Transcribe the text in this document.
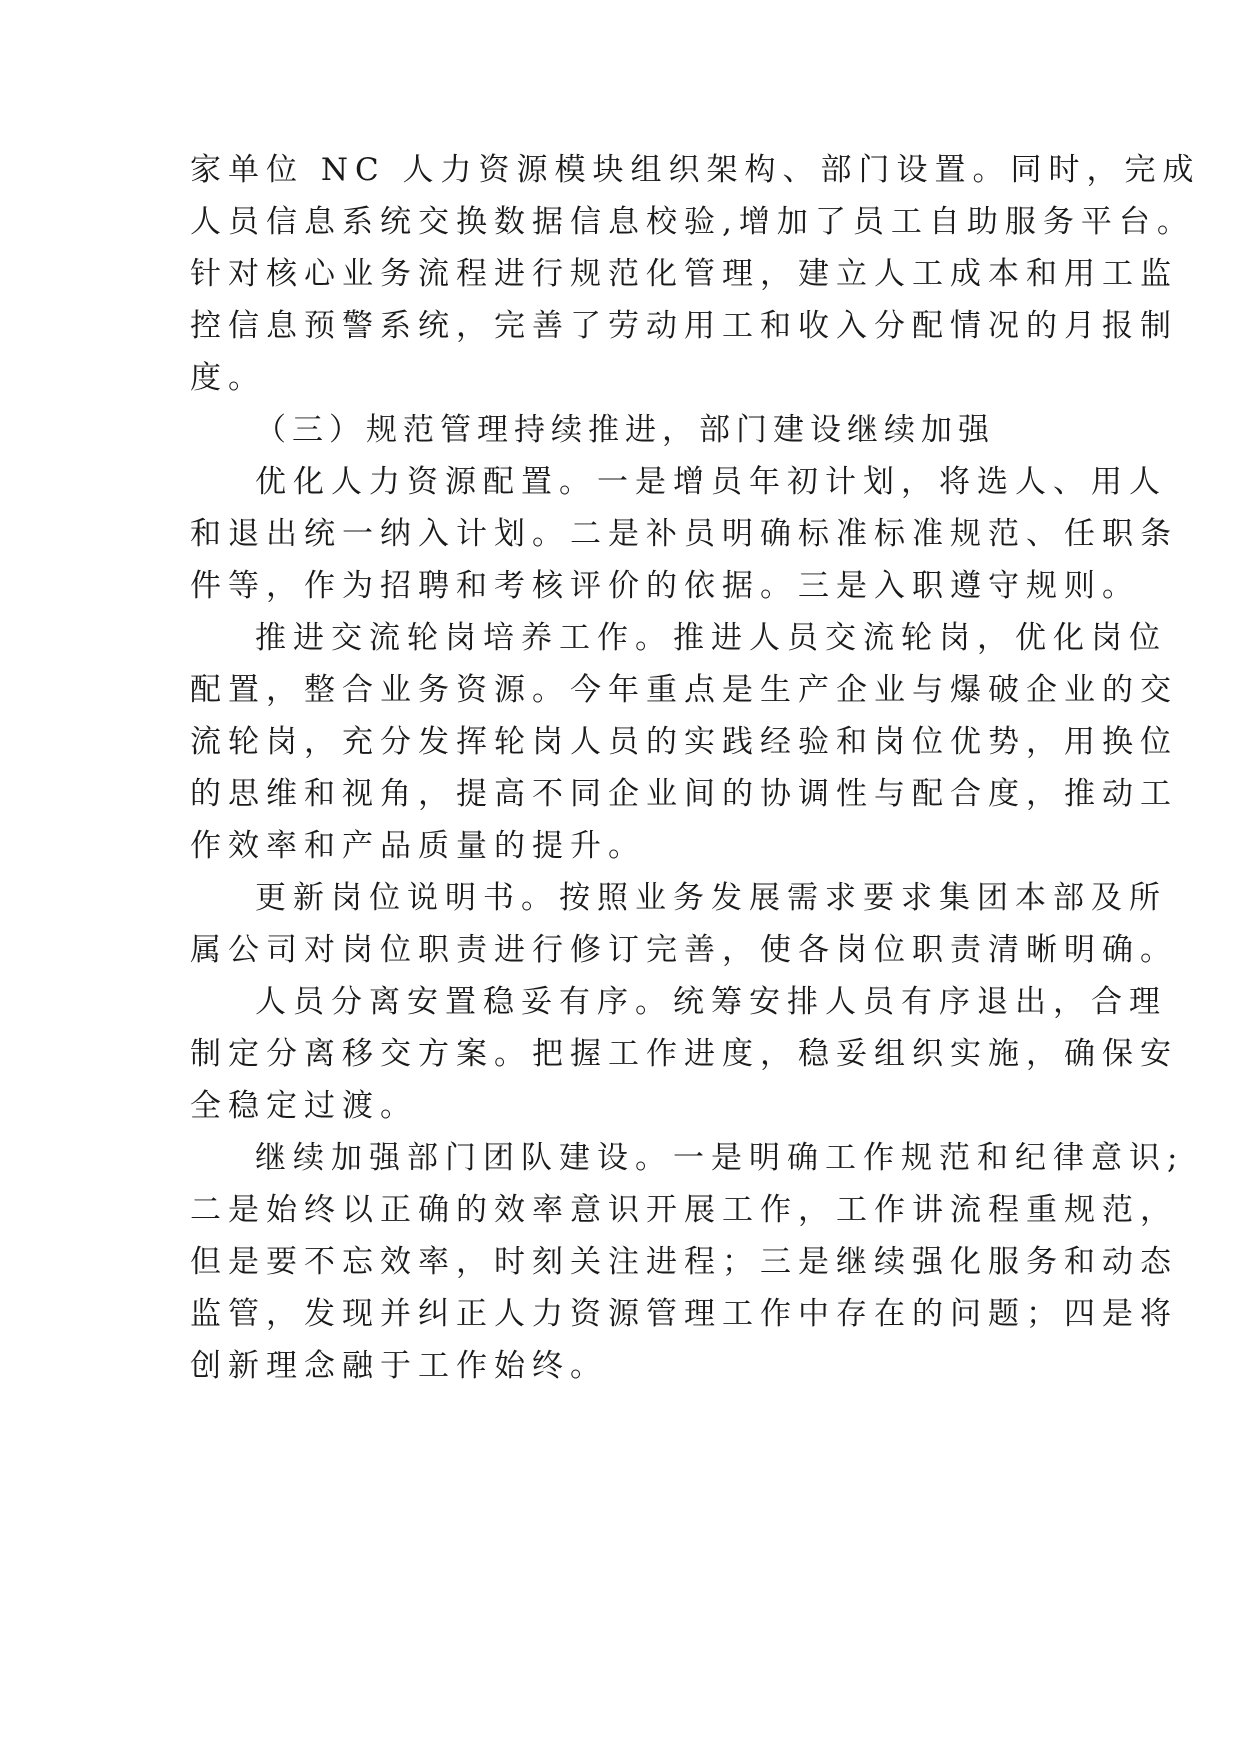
家单位 NC 人力资源模块组织架构、部门设置。同时，完成
人员信息系统交换数据信息校验,增加了员工自助服务平台。
针对核心业务流程进行规范化管理，建立人工成本和用工监
控信息预警系统，完善了劳动用工和收入分配情况的月报制
度。
（三）规范管理持续推进，部门建设继续加强
优化人力资源配置。一是增员年初计划，将选人、用人
和退出统一纳入计划。二是补员明确标准标准规范、任职条
件等，作为招聘和考核评价的依据。三是入职遵守规则。
推进交流轮岗培养工作。推进人员交流轮岗，优化岗位
配置，整合业务资源。今年重点是生产企业与爆破企业的交
流轮岗，充分发挥轮岗人员的实践经验和岗位优势，用换位
的思维和视角，提高不同企业间的协调性与配合度，推动工
作效率和产品质量的提升。
更新岗位说明书。按照业务发展需求要求集团本部及所
属公司对岗位职责进行修订完善，使各岗位职责清晰明确。
人员分离安置稳妥有序。统筹安排人员有序退出，合理
制定分离移交方案。把握工作进度，稳妥组织实施，确保安
全稳定过渡。
继续加强部门团队建设。一是明确工作规范和纪律意识;
二是始终以正确的效率意识开展工作，工作讲流程重规范，
但是要不忘效率，时刻关注进程；三是继续强化服务和动态
监管，发现并纠正人力资源管理工作中存在的问题；四是将
创新理念融于工作始终。
